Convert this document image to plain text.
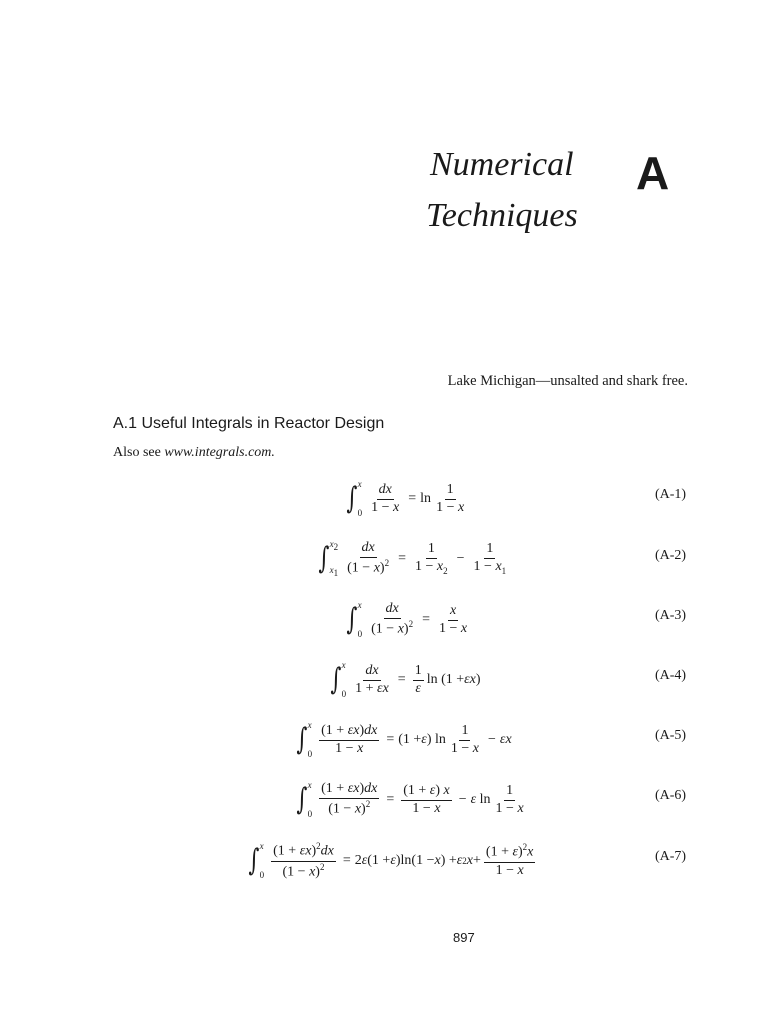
Numerical
Techniques
A
Lake Michigan—unsalted and shark free.
A.1 Useful Integrals in Reactor Design
Also see www.integrals.com.
∫ x
$0 \frac{dx}{1 - x} = \ln \frac{1}{1 - x}$	(A-1)
∫ $x_2$
$x_1 \frac{dx}{(1 - x)^2} = \frac{1}{1 - x_2} - \frac{1}{1 - x_1}$	(A-2)
∫ x
$0 \frac{dx}{(1 - x)^2} = \frac{x}{1 - x}$	(A-3)
∫ x
$0 \frac{dx}{1 + \varepsilon x} = \frac{1}{\varepsilon}$ ln (1 + εx )	(A-4)
∫ x
$0 \frac{(1 + \varepsilon x)dx}{1 - x} = (1 + \varepsilon$ ) $\ln \frac{1}{1 - x} - \varepsilon x$	(A-5)
∫ x
$0 \frac{(1 + \varepsilon x)dx}{(1 - x)^2} = \frac{(1 + \varepsilon) x}{1 - x} - \varepsilon$ $\ln \frac{1}{1 - x}$	(A-6)
∫ x
$0 \frac{(1 + \varepsilon x)^2dx}{(1 - x)^2} = 2$ ε (1 + ε )ln(1 − x ) + ε 2 $x + \frac{(1 + \varepsilon)^2x}{1 - x}$	(A-7)
897
